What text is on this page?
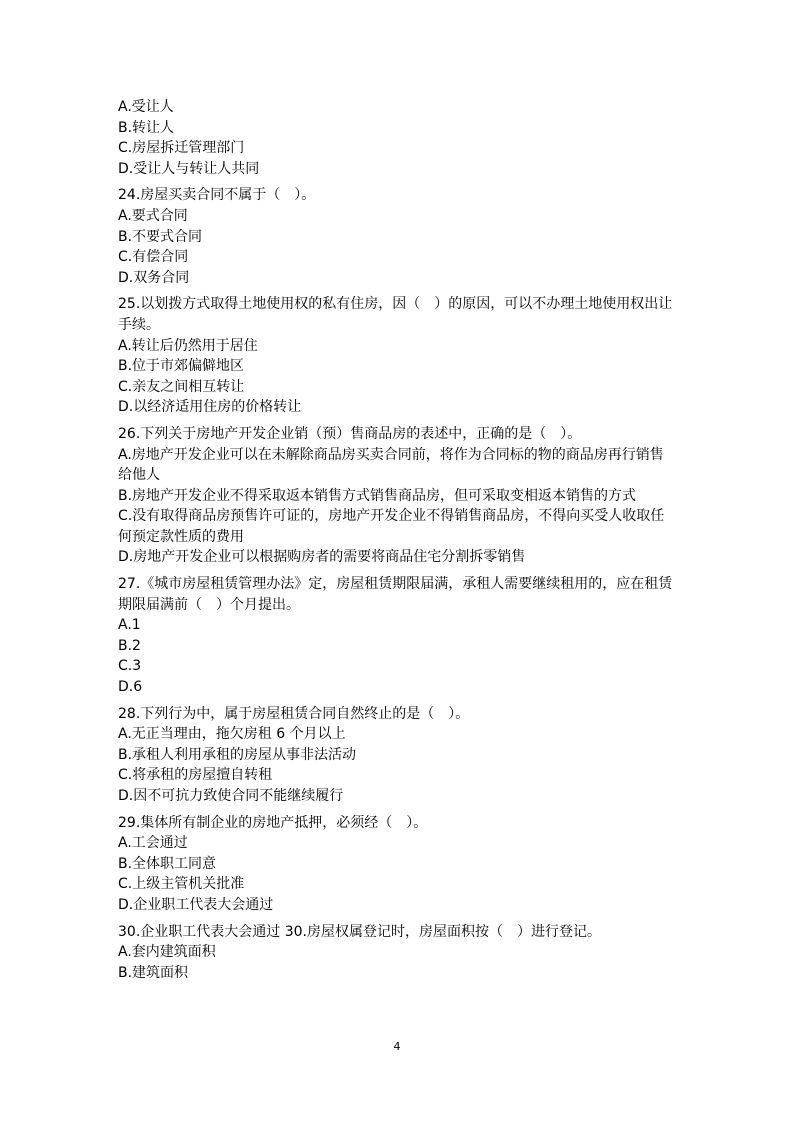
A.受让人
B.转让人
C.房屋拆迁管理部门
D.受让人与转让人共同
24.房屋买卖合同不属于（　）。
A.要式合同
B.不要式合同
C.有偿合同
D.双务合同
25.以划拨方式取得土地使用权的私有住房，因（　）的原因，可以不办理土地使用权出让
手续。
A.转让后仍然用于居住
B.位于市郊偏僻地区
C.亲友之间相互转让
D.以经济适用住房的价格转让
26.下列关于房地产开发企业销（预）售商品房的表述中，正确的是（　）。
A.房地产开发企业可以在未解除商品房买卖合同前，将作为合同标的物的商品房再行销售
给他人
B.房地产开发企业不得采取返本销售方式销售商品房，但可采取变相返本销售的方式
C.没有取得商品房预售许可证的，房地产开发企业不得销售商品房，不得向买受人收取任
何预定款性质的费用
D.房地产开发企业可以根据购房者的需要将商品住宅分割拆零销售
27.《城市房屋租赁管理办法》定，房屋租赁期限届满，承租人需要继续租用的，应在租赁
期限届满前（　）个月提出。
A.1
B.2
C.3
D.6
28.下列行为中，属于房屋租赁合同自然终止的是（　）。
A.无正当理由，拖欠房租 6 个月以上
B.承租人利用承租的房屋从事非法活动
C.将承租的房屋擅自转租
D.因不可抗力致使合同不能继续履行
29.集体所有制企业的房地产抵押，必须经（　）。
A.工会通过
B.全体职工同意
C.上级主管机关批准
D.企业职工代表大会通过
30.企业职工代表大会通过 30.房屋权属登记时，房屋面积按（　）进行登记。
A.套内建筑面积
B.建筑面积
4
